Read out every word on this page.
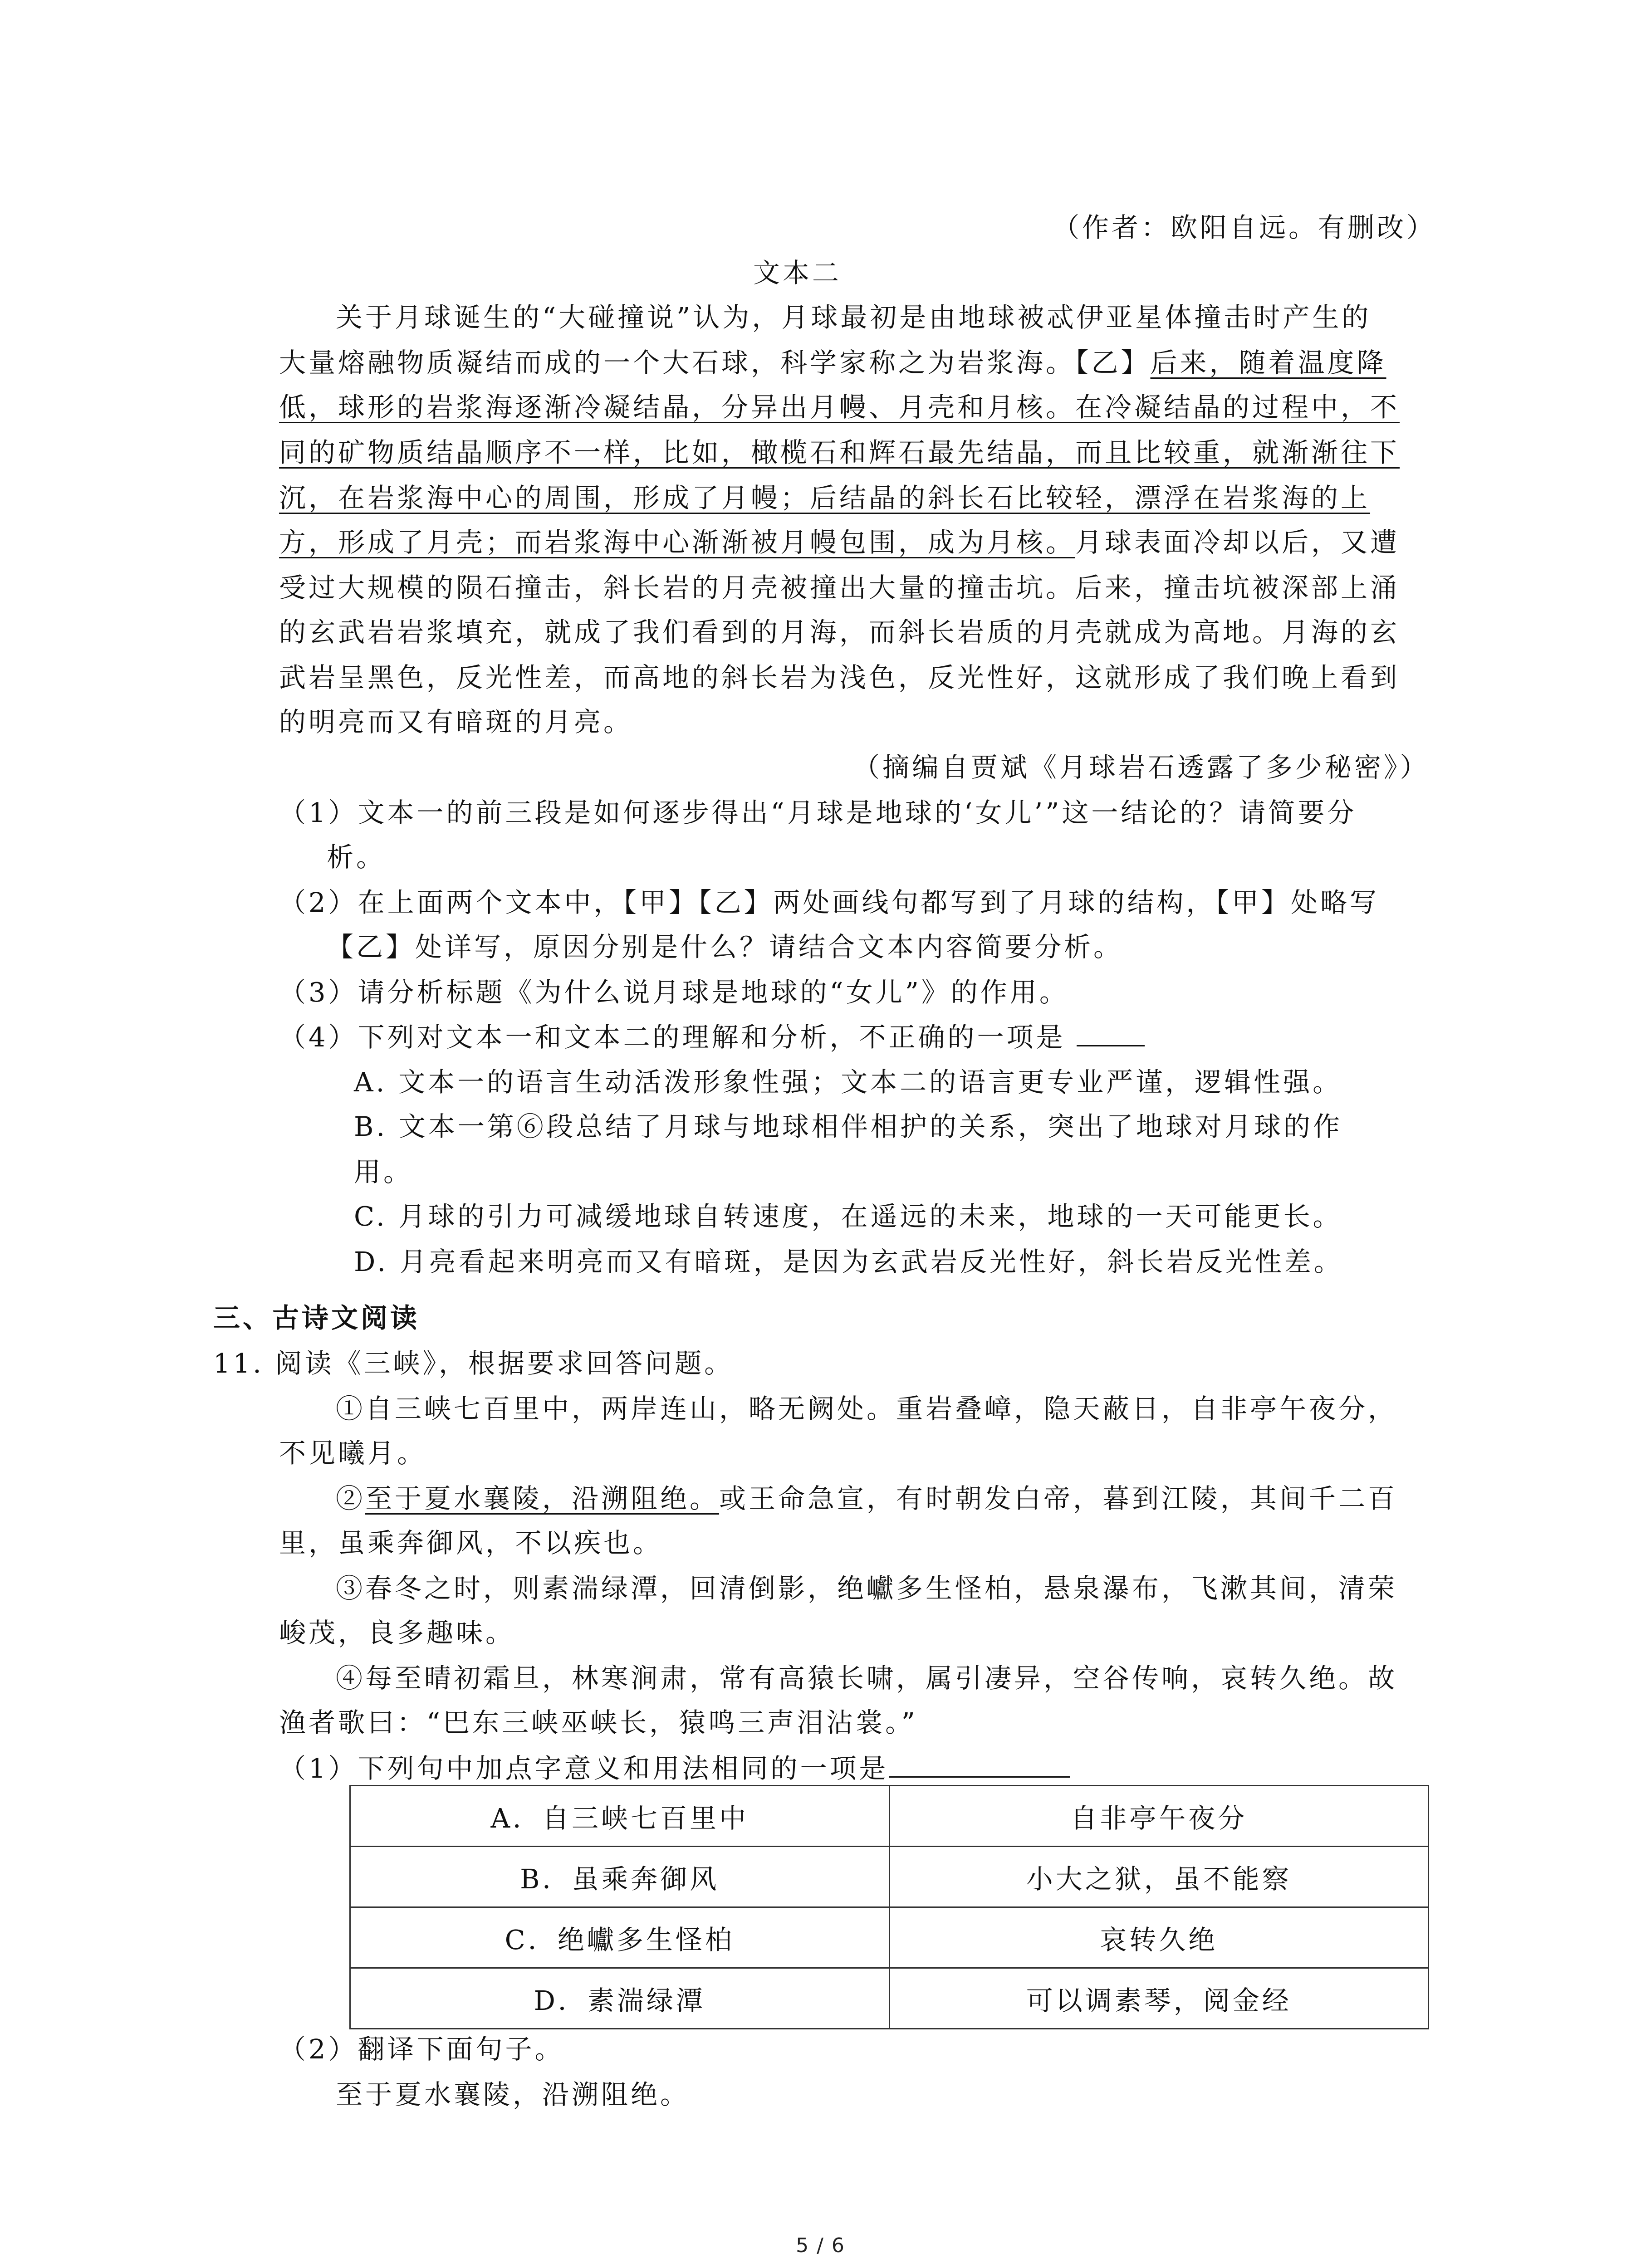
（作者：欧阳自远。有删改）
文本二
关于月球诞生的“大碰撞说”认为，月球最初是由地球被忒伊亚星体撞击时产生的
大量熔融物质凝结而成的一个大石球，科学家称之为岩浆海。【乙】后来，随着温度降
低，球形的岩浆海逐渐冷凝结晶，分异出月幔、月壳和月核。在冷凝结晶的过程中，不
同的矿物质结晶顺序不一样，比如，橄榄石和辉石最先结晶，而且比较重，就渐渐往下
沉，在岩浆海中心的周围，形成了月幔；后结晶的斜长石比较轻，漂浮在岩浆海的上
方，形成了月壳；而岩浆海中心渐渐被月幔包围，成为月核。月球表面冷却以后，又遭
受过大规模的陨石撞击，斜长岩的月壳被撞出大量的撞击坑。后来，撞击坑被深部上涌
的玄武岩岩浆填充，就成了我们看到的月海，而斜长岩质的月壳就成为高地。月海的玄
武岩呈黑色，反光性差，而高地的斜长岩为浅色，反光性好，这就形成了我们晚上看到
的明亮而又有暗斑的月亮。
（摘编自贾斌《月球岩石透露了多少秘密》）
（1）文本一的前三段是如何逐步得出“月球是地球的‘女儿’”这一结论的？请简要分
析。
（2）在上面两个文本中，【甲】【乙】两处画线句都写到了月球的结构，【甲】处略写
【乙】处详写，原因分别是什么？请结合文本内容简要分析。
（3）请分析标题《为什么说月球是地球的“女儿”》的作用。
（4）下列对文本一和文本二的理解和分析，不正确的一项是
A. 文本一的语言生动活泼形象性强；文本二的语言更专业严谨，逻辑性强。
B. 文本一第⑥段总结了月球与地球相伴相护的关系，突出了地球对月球的作
用。
C. 月球的引力可减缓地球自转速度，在遥远的未来，地球的一天可能更长。
D. 月亮看起来明亮而又有暗斑，是因为玄武岩反光性好，斜长岩反光性差。
三、古诗文阅读
11. 阅读《三峡》，根据要求回答问题。
①自三峡七百里中，两岸连山，略无阙处。重岩叠嶂，隐天蔽日，自非亭午夜分，
不见曦月。
②至于夏水襄陵，沿溯阻绝。或王命急宣，有时朝发白帝，暮到江陵，其间千二百
里，虽乘奔御风，不以疾也。
③春冬之时，则素湍绿潭，回清倒影，绝巘多生怪柏，悬泉瀑布，飞漱其间，清荣
峻茂，良多趣味。
④每至晴初霜旦，林寒涧肃，常有高猿长啸，属引凄异，空谷传响，哀转久绝。故
渔者歌曰：“巴东三峡巫峡长，猿鸣三声泪沾裳。”
（1）下列句中加点字意义和用法相同的一项是
A．自三峡七百里中	自非亭午夜分
B．虽乘奔御风	小大之狱，虽不能察
C．绝巘多生怪柏	哀转久绝
D．素湍绿潭	可以调素琴，阅金经
（2）翻译下面句子。
至于夏水襄陵，沿溯阻绝。
5 / 6
